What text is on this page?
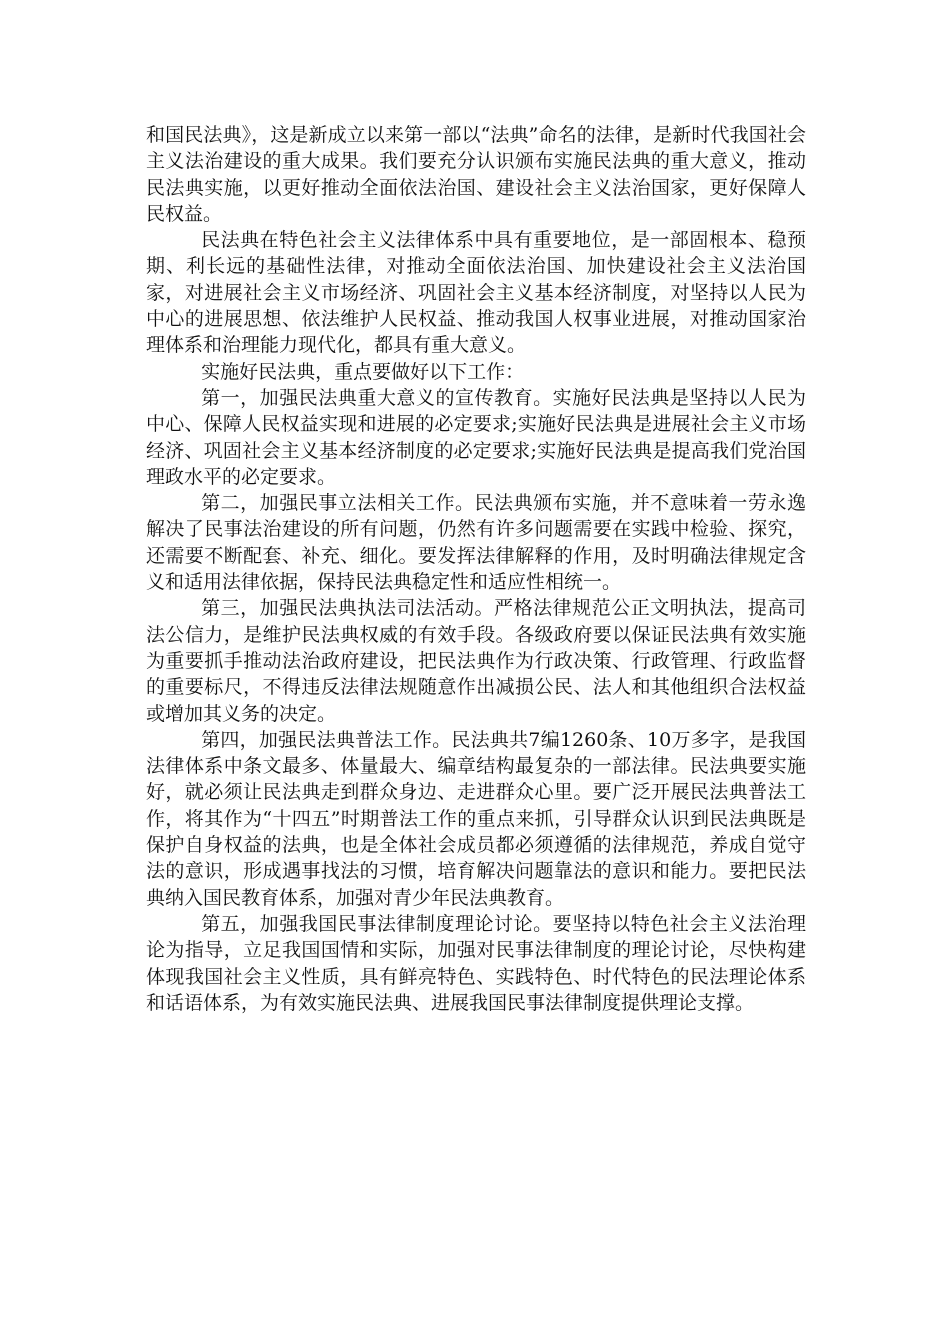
和国民法典》，这是新成立以来第一部以“法典”命名的法律，是新时代我国社会主义法治建设的重大成果。我们要充分认识颁布实施民法典的重大意义，推动民法典实施，以更好推动全面依法治国、建设社会主义法治国家，更好保障人民权益。

民法典在特色社会主义法律体系中具有重要地位，是一部固根本、稳预期、利长远的基础性法律，对推动全面依法治国、加快建设社会主义法治国家，对进展社会主义市场经济、巩固社会主义基本经济制度，对坚持以人民为中心的进展思想、依法维护人民权益、推动我国人权事业进展，对推动国家治理体系和治理能力现代化，都具有重大意义。

实施好民法典，重点要做好以下工作：

第一，加强民法典重大意义的宣传教育。实施好民法典是坚持以人民为中心、保障人民权益实现和进展的必定要求;实施好民法典是进展社会主义市场经济、巩固社会主义基本经济制度的必定要求;实施好民法典是提高我们党治国理政水平的必定要求。

第二，加强民事立法相关工作。民法典颁布实施，并不意味着一劳永逸解决了民事法治建设的所有问题，仍然有许多问题需要在实践中检验、探究，还需要不断配套、补充、细化。要发挥法律解释的作用，及时明确法律规定含义和适用法律依据，保持民法典稳定性和适应性相统一。

第三，加强民法典执法司法活动。严格法律规范公正文明执法，提高司法公信力，是维护民法典权威的有效手段。各级政府要以保证民法典有效实施为重要抓手推动法治政府建设，把民法典作为行政决策、行政管理、行政监督的重要标尺，不得违反法律法规随意作出减损公民、法人和其他组织合法权益或增加其义务的决定。

第四，加强民法典普法工作。民法典共7编1260条、10万多字，是我国法律体系中条文最多、体量最大、编章结构最复杂的一部法律。民法典要实施好，就必须让民法典走到群众身边、走进群众心里。要广泛开展民法典普法工作，将其作为“十四五”时期普法工作的重点来抓，引导群众认识到民法典既是保护自身权益的法典，也是全体社会成员都必须遵循的法律规范，养成自觉守法的意识，形成遇事找法的习惯，培育解决问题靠法的意识和能力。要把民法典纳入国民教育体系，加强对青少年民法典教育。

第五，加强我国民事法律制度理论讨论。要坚持以特色社会主义法治理论为指导，立足我国国情和实际，加强对民事法律制度的理论讨论，尽快构建体现我国社会主义性质，具有鲜亮特色、实践特色、时代特色的民法理论体系和话语体系，为有效实施民法典、进展我国民事法律制度提供理论支撑。
